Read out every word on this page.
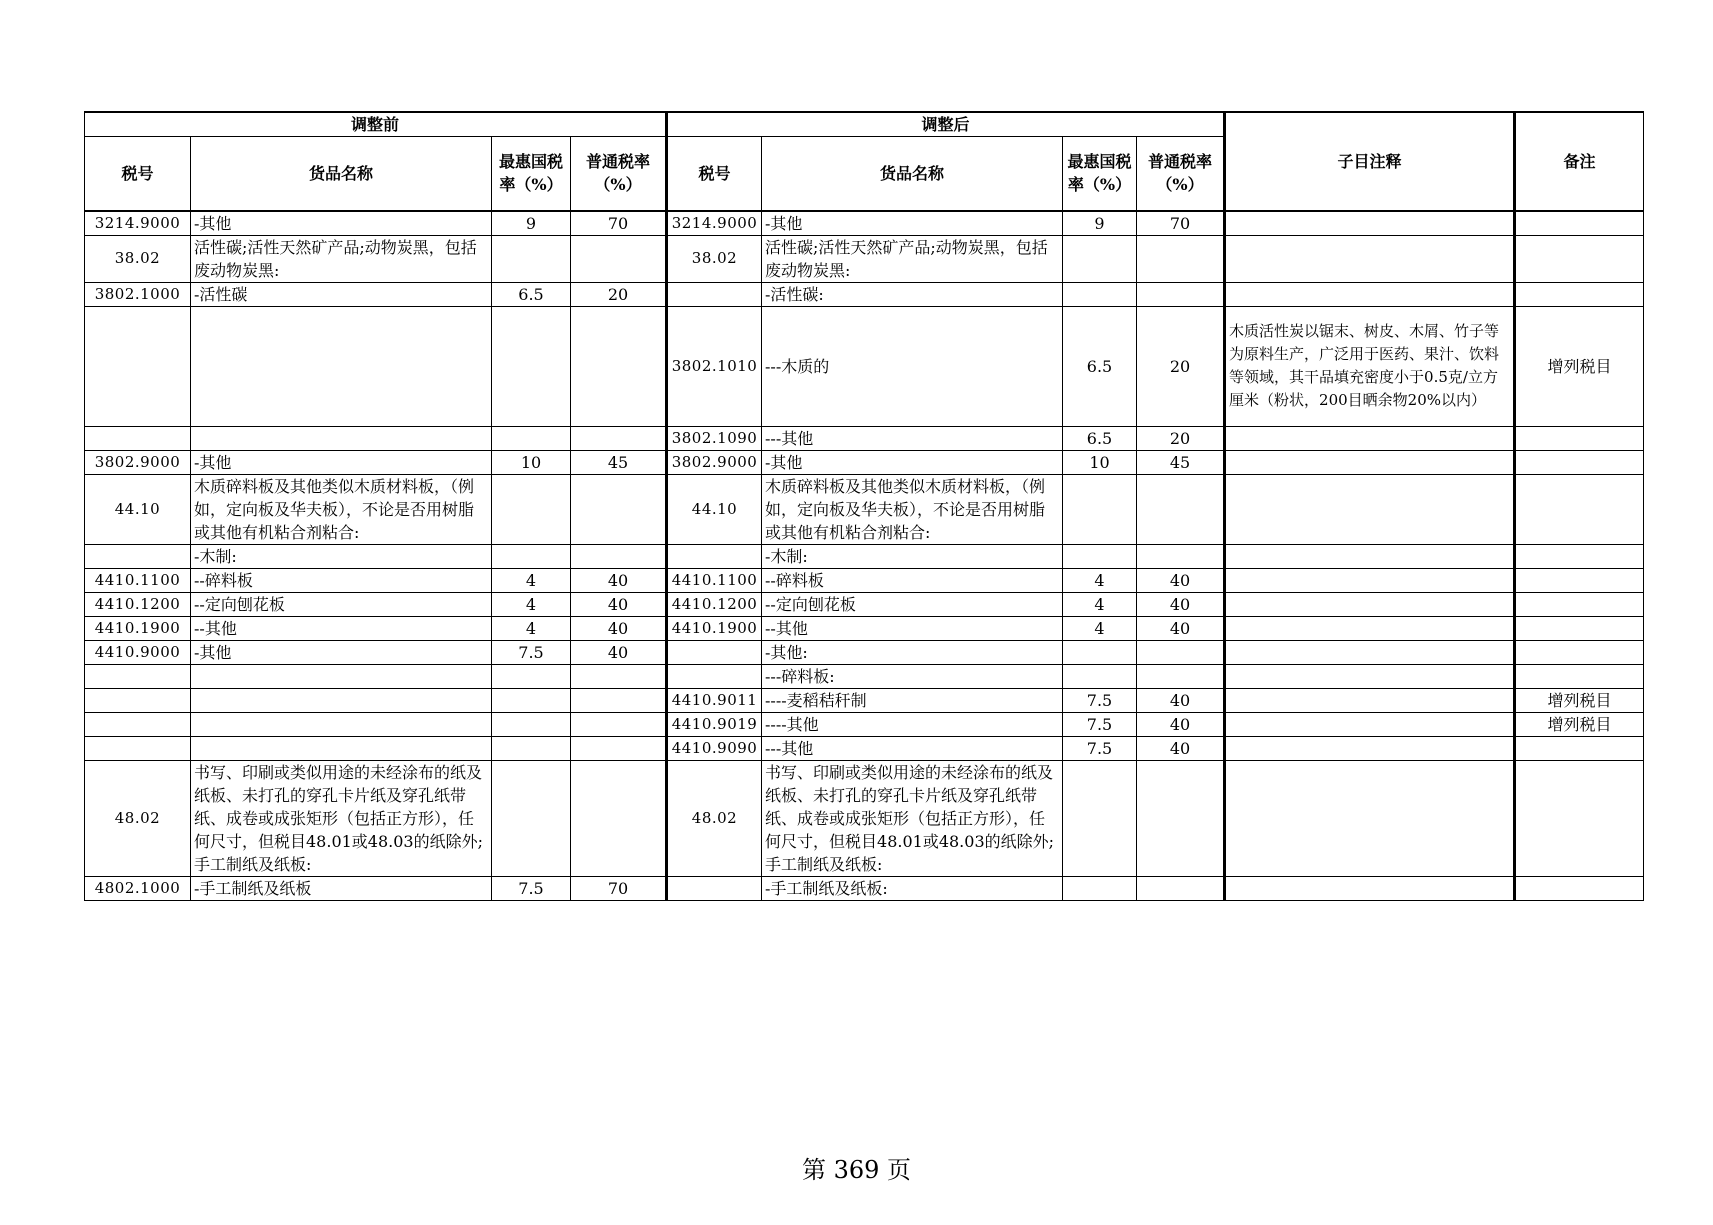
调整前				调整后				子目注释	备注
税号	货品名称	最惠国税率（%）	普通税率（%）	税号	货品名称	最惠国税率（%）	普通税率（%）		
3214.9000	-其他	9	70	3214.9000	-其他	9	70		
38.02	活性碳;活性天然矿产品;动物炭黑，包括废动物炭黑:			38.02	活性碳;活性天然矿产品;动物炭黑，包括废动物炭黑:				
3802.1000	-活性碳	6.5	20		-活性碳:				
				3802.1010	---木质的	6.5	20	木质活性炭以锯末、树皮、木屑、竹子等为原料生产，广泛用于医药、果汁、饮料等领域，其干品填充密度小于0.5克/立方厘米（粉状，200目晒余物20%以内）	增列税目
				3802.1090	---其他	6.5	20		
3802.9000	-其他	10	45	3802.9000	-其他	10	45		
44.10	木质碎料板及其他类似木质材料板，（例如，定向板及华夫板），不论是否用树脂或其他有机粘合剂粘合:			44.10	木质碎料板及其他类似木质材料板，（例如，定向板及华夫板），不论是否用树脂或其他有机粘合剂粘合:				
	-木制:				-木制:				
4410.1100	--碎料板	4	40	4410.1100	--碎料板	4	40		
4410.1200	--定向刨花板	4	40	4410.1200	--定向刨花板	4	40		
4410.1900	--其他	4	40	4410.1900	--其他	4	40		
4410.9000	-其他	7.5	40		-其他:				
					---碎料板:				
				4410.9011	----麦稻秸秆制	7.5	40		增列税目
				4410.9019	----其他	7.5	40		增列税目
				4410.9090	---其他	7.5	40		
48.02	书写、印刷或类似用途的未经涂布的纸及纸板、未打孔的穿孔卡片纸及穿孔纸带纸、成卷或成张矩形（包括正方形），任何尺寸，但税目48.01或48.03的纸除外;手工制纸及纸板:			48.02	书写、印刷或类似用途的未经涂布的纸及纸板、未打孔的穿孔卡片纸及穿孔纸带纸、成卷或成张矩形（包括正方形），任何尺寸，但税目48.01或48.03的纸除外;手工制纸及纸板:				
4802.1000	-手工制纸及纸板	7.5	70		-手工制纸及纸板:				
第 369 页
